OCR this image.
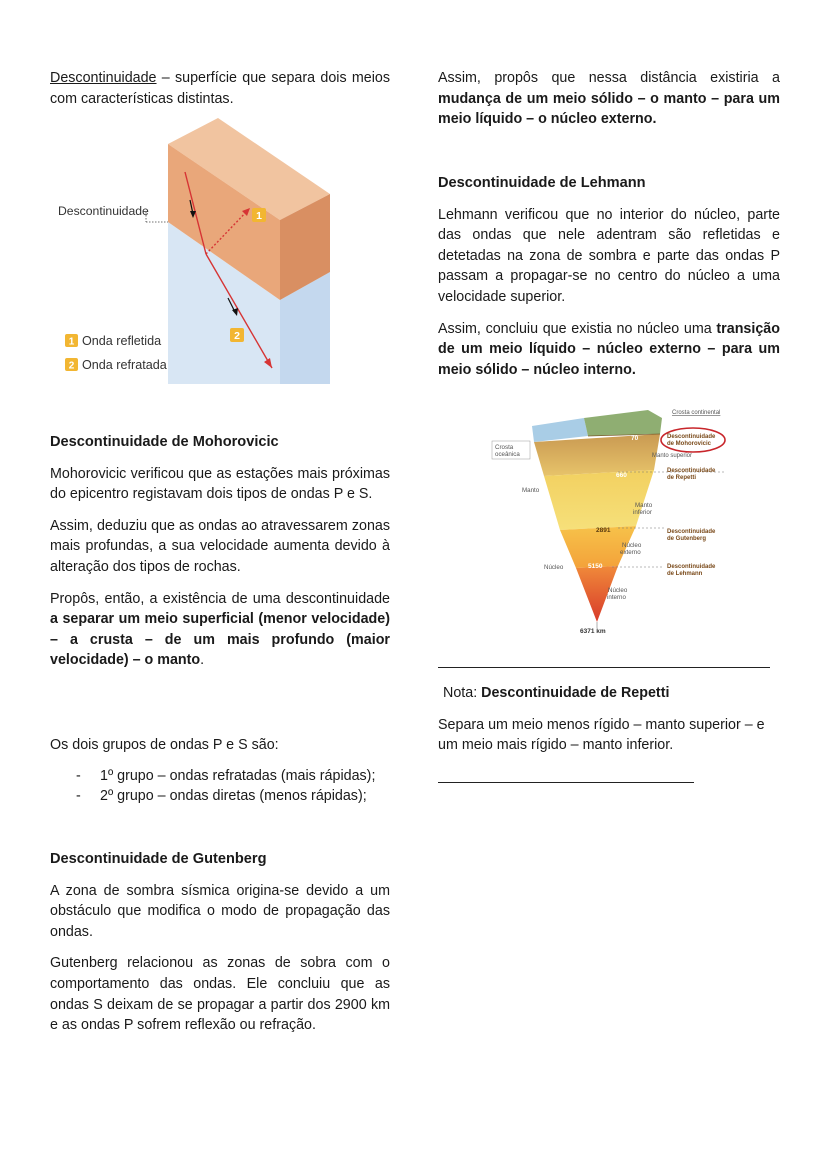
Descontinuidade – superfície que separa dois meios com características distintas.

1
2
Descontinuidade
1 Onda refletida
2 Onda refratada
Descontinuidade de Mohorovicic

Mohorovicic verificou que as estações mais próximas do epicentro registavam dois tipos de ondas P e S.

Assim, deduziu que as ondas ao atravessarem zonas mais profundas, a sua velocidade aumenta devido à alteração dos tipos de rochas.

Propôs, então, a existência de uma descontinuidade a separar um meio superficial (menor velocidade) – a crusta – de um mais profundo (maior velocidade) – o manto.

Os dois grupos de ondas P e S são:

- 1º grupo – ondas refratadas (mais rápidas);
- 2º grupo – ondas diretas (menos rápidas);
Descontinuidade de Gutenberg

A zona de sombra sísmica origina-se devido a um obstáculo que modifica o modo de propagação das ondas.

Gutenberg relacionou as zonas de sobra com o comportamento das ondas. Ele concluiu que as ondas S deixam de se propagar a partir dos 2900 km e as ondas P sofrem reflexão ou refração.

Assim, propôs que nessa distância existiria a mudança de um meio sólido – o manto – para um meio líquido – o núcleo externo.

Descontinuidade de Lehmann

Lehmann verificou que no interior do núcleo, parte das ondas que nele adentram são refletidas e detetadas na zona de sombra e parte das ondas P passam a propagar-se no centro do núcleo a uma velocidade superior.

Assim, concluiu que existia no núcleo uma transição de um meio líquido – núcleo externo – para um meio sólido – núcleo interno.

70
660
2891
5150
6371 km
Crosta
oceânica
Manto
Núcleo
Manto
inferior
Núcleo
externo
Núcleo
interno
Crosta continental
Descontinuidade
de Mohorovicic
Manto superior
Descontinuidade
de Repetti
Descontinuidade
de Gutenberg
Descontinuidade
de Lehmann

Nota: Descontinuidade de Repetti

Separa um meio menos rígido – manto superior – e um meio mais rígido – manto inferior.
